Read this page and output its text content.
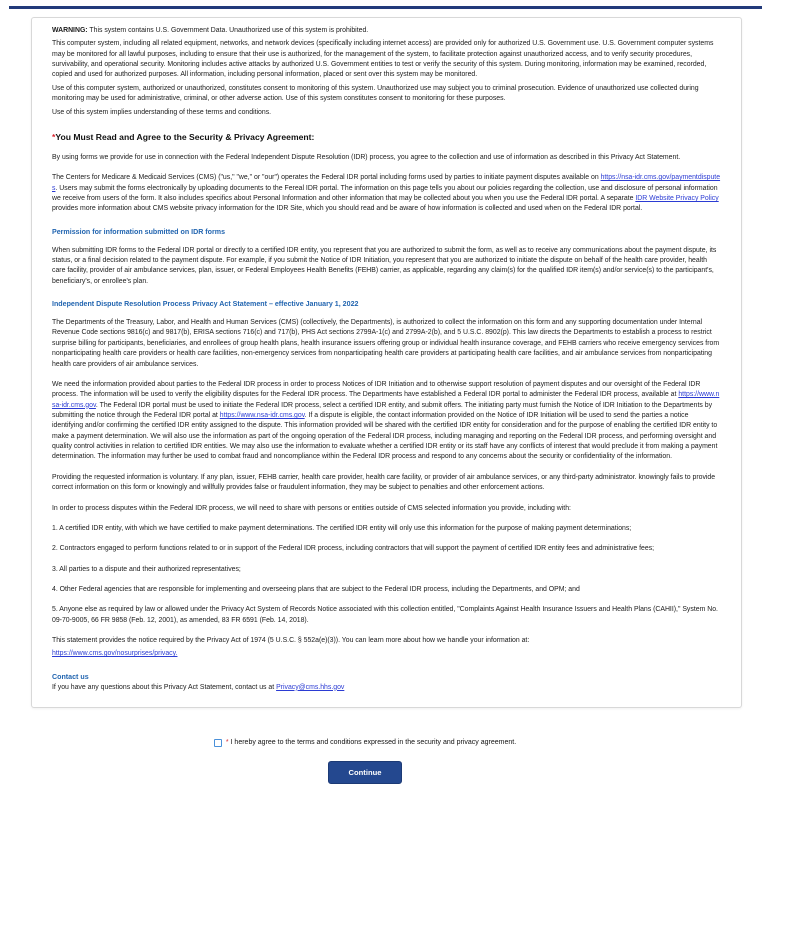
WARNING: This system contains U.S. Government Data. Unauthorized use of this system is prohibited.

This computer system, including all related equipment, networks, and network devices (specifically including internet access) are provided only for authorized U.S. Government use. U.S. Government computer systems may be monitored for all lawful purposes, including to ensure that their use is authorized, for the management of the system, to facilitate protection against unauthorized access, and to verify security procedures, survivability, and operational security. Monitoring includes active attacks by authorized U.S. Government entities to test or verify the security of this system. During monitoring, information may be examined, recorded, copied and used for authorized purposes. All information, including personal information, placed or sent over this system may be monitored.

Use of this computer system, authorized or unauthorized, constitutes consent to monitoring of this system. Unauthorized use may subject you to criminal prosecution. Evidence of unauthorized use collected during monitoring may be used for administrative, criminal, or other adverse action. Use of this system constitutes consent to monitoring for these purposes.

Use of this system implies understanding of these terms and conditions.

*You Must Read and Agree to the Security & Privacy Agreement:

By using forms we provide for use in connection with the Federal Independent Dispute Resolution (IDR) process, you agree to the collection and use of information as described in this Privacy Act Statement.

The Centers for Medicare & Medicaid Services (CMS) ("us," "we," or "our") operates the Federal IDR portal including forms used by parties to initiate payment disputes available on https://nsa-idr.cms.gov/paymentdisputes. Users may submit the forms electronically by uploading documents to the Fereal IDR portal. The information on this page tells you about our policies regarding the collection, use and disclosure of personal information we receive from users of the form. It also includes specifics about Personal Information and other information that may be collected about you when you use the Federal IDR portal. A separate IDR Website Privacy Policy provides more information about CMS website privacy information for the IDR Site, which you should read and be aware of how information is collected and used when on the Federal IDR portal.

Permission for information submitted on IDR forms

When submitting IDR forms to the Federal IDR portal or directly to a certified IDR entity, you represent that you are authorized to submit the form, as well as to receive any communications about the payment dispute, its status, or a final decision related to the payment dispute. For example, if you submit the Notice of IDR Initiation, you represent that you are authorized to initiate the dispute on behalf of the health care provider, health care facility, provider of air ambulance services, plan, issuer, or Federal Employees Health Benefits (FEHB) carrier, as applicable, regarding any claim(s) for the qualified IDR item(s) and/or service(s) to the participant's, beneficiary's, or enrollee's plan.

Independent Dispute Resolution Process Privacy Act Statement – effective January 1, 2022

The Departments of the Treasury, Labor, and Health and Human Services (CMS) (collectively, the Departments), is authorized to collect the information on this form and any supporting documentation under Internal Revenue Code sections 9816(c) and 9817(b), ERISA sections 716(c) and 717(b), PHS Act sections 2799A-1(c) and 2799A-2(b), and 5 U.S.C. 8902(p). This law directs the Departments to establish a process to restrict surprise billing for participants, beneficiaries, and enrollees of group health plans, health insurance issuers offering group or individual health insurance coverage, and FEHB carriers who receive emergency services from nonparticipating health care providers or health care facilities, non-emergency services from nonparticipating health care providers at participating health care facilities, and air ambulance services from nonparticipating health care providers of air ambulance services.

We need the information provided about parties to the Federal IDR process in order to process Notices of IDR Initiation and to otherwise support resolution of payment disputes and our oversight of the Federal IDR process. The information will be used to verify the eligibility disputes for the Federal IDR process. The Departments have established a Federal IDR portal to administer the Federal IDR process, available at https://www.nsa-idr.cms.gov. The Federal IDR portal must be used to initiate the Federal IDR process, select a certified IDR entity, and submit offers. The initiating party must furnish the Notice of IDR Initiation to the Departments by submitting the notice through the Federal IDR portal at https://www.nsa-idr.cms.gov. If a dispute is eligible, the contact information provided on the Notice of IDR Initiation will be used to send the parties a notice identifying and/or confirming the certified IDR entity assigned to the dispute. This information provided will be shared with the certified IDR entity for consideration and for the purpose of enabling the certified IDR entity to make a payment determination. We will also use the information as part of the ongoing operation of the Federal IDR process, including managing and reporting on the Federal IDR process, and performing oversight and quality control activities in relation to certified IDR entities. We may also use the information to evaluate whether a certified IDR entity or its staff have any conflicts of interest that would preclude it from making a payment determination. The information may further be used to combat fraud and noncompliance within the Federal IDR process and respond to any concerns about the security or confidentiality of the information.

Providing the requested information is voluntary. If any plan, issuer, FEHB carrier, health care provider, health care facility, or provider of air ambulance services, or any third-party administrator. knowingly fails to provide correct information on this form or knowingly and willfully provides false or fraudulent information, they may be subject to penalties and other enforcement actions.

In order to process disputes within the Federal IDR process, we will need to share with persons or entities outside of CMS selected information you provide, including with:

1. A certified IDR entity, with which we have certified to make payment determinations. The certified IDR entity will only use this information for the purpose of making payment determinations;

2. Contractors engaged to perform functions related to or in support of the Federal IDR process, including contractors that will support the payment of certified IDR entity fees and administrative fees;

3. All parties to a dispute and their authorized representatives;

4. Other Federal agencies that are responsible for implementing and overseeing plans that are subject to the Federal IDR process, including the Departments, and OPM; and

5. Anyone else as required by law or allowed under the Privacy Act System of Records Notice associated with this collection entitled, "Complaints Against Health Insurance Issuers and Health Plans (CAHII)," System No. 09-70-9005, 66 FR 9858 (Feb. 12, 2001), as amended, 83 FR 6591 (Feb. 14, 2018).

This statement provides the notice required by the Privacy Act of 1974 (5 U.S.C. § 552a(e)(3)). You can learn more about how we handle your information at:

https://www.cms.gov/nosurprises/privacy.

Contact us

If you have any questions about this Privacy Act Statement, contact us at Privacy@cms.hhs.gov

* I hereby agree to the terms and conditions expressed in the security and privacy agreement.
Continue
